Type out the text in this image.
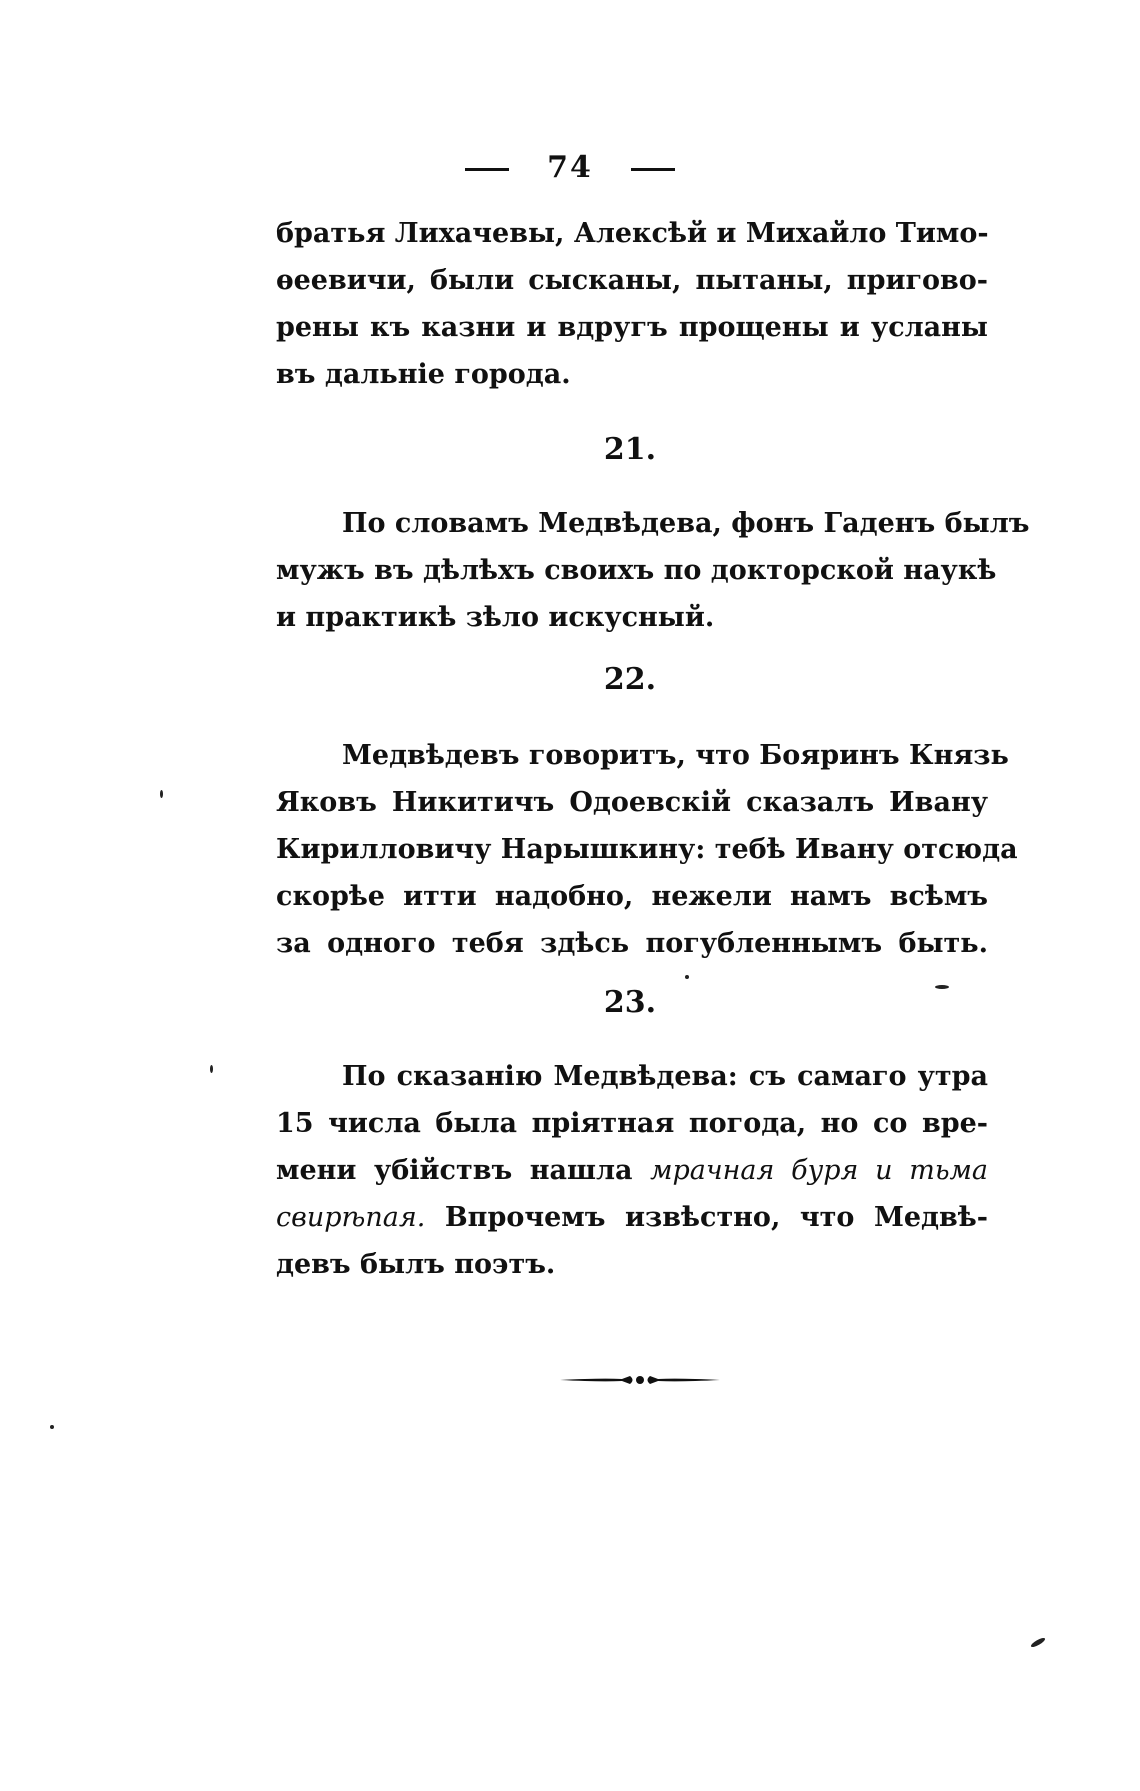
74
братья Лихачевы, Алексѣй и Михайло Тимо-
ѳеевичи, были сысканы, пытаны, пригово-
рены къ казни и вдругъ прощены и усланы
въ дальніе города.
21.
По словамъ Медвѣдева, фонъ Гаденъ былъ
мужъ въ дѣлѣхъ своихъ по докторской наукѣ
и практикѣ зѣло искусный.
22.
Медвѣдевъ говоритъ, что Бояринъ Князь
Яковъ Никитичъ Одоевскій сказалъ Ивану
Кирилловичу Нарышкину: тебѣ Ивану отсюда
скорѣе итти надобно, нежели намъ всѣмъ
за одного тебя здѣсь погубленнымъ быть.
23.
По сказанію Медвѣдева: съ самаго утра
15 числа была пріятная погода, но со вре-
мени убійствъ нашла мрачная буря и тьма
свирѣпая. Впрочемъ извѣстно, что Медвѣ-
девъ былъ поэтъ.
